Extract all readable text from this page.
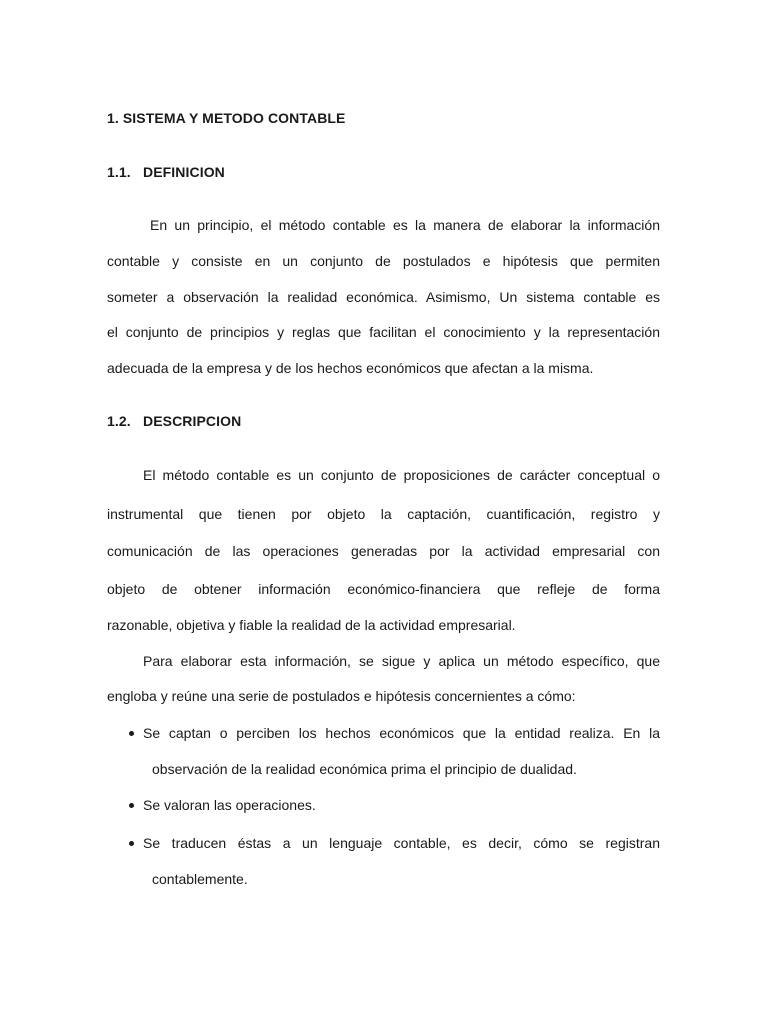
1. SISTEMA Y METODO CONTABLE
1.1. DEFINICION
En un principio, el método contable es la manera de elaborar la información
contable y consiste en un conjunto de postulados e hipótesis que permiten
someter a observación la realidad económica. Asimismo, Un sistema contable es
el conjunto de principios y reglas que facilitan el conocimiento y la representación
adecuada de la empresa y de los hechos económicos que afectan a la misma.
1.2. DESCRIPCION
El método contable es un conjunto de proposiciones de carácter conceptual o
instrumental que tienen por objeto la captación, cuantificación, registro y
comunicación de las operaciones generadas por la actividad empresarial con
objeto de obtener información económico-financiera que refleje de forma
razonable, objetiva y fiable la realidad de la actividad empresarial.
Para elaborar esta información, se sigue y aplica un método específico, que
engloba y reúne una serie de postulados e hipótesis concernientes a cómo:
Se captan o perciben los hechos económicos que la entidad realiza. En la
observación de la realidad económica prima el principio de dualidad.
Se valoran las operaciones.
Se traducen éstas a un lenguaje contable, es decir, cómo se registran
contablemente.
